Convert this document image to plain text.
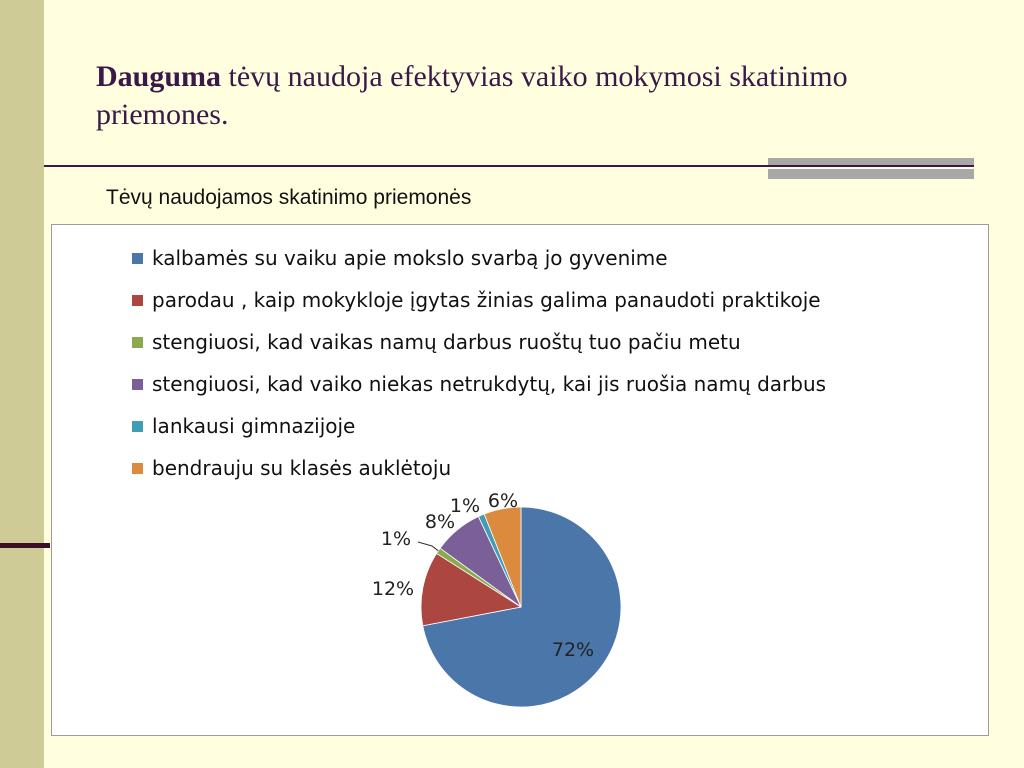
Dauguma tėvų naudoja efektyvias vaiko mokymosi skatinimo priemones.
Tėvų naudojamos skatinimo priemonės
kalbamės su vaiku apie mokslo svarbą jo gyvenime
parodau , kaip mokykloje įgytas žinias galima panaudoti praktikoje
stengiuosi, kad vaikas namų darbus ruoštų tuo pačiu metu
stengiuosi, kad vaiko niekas netrukdytų, kai jis ruošia namų darbus
lankausi gimnazijoje
bendrauju su klasės auklėtoju
72%
12%
1%
8%
1% 6%
